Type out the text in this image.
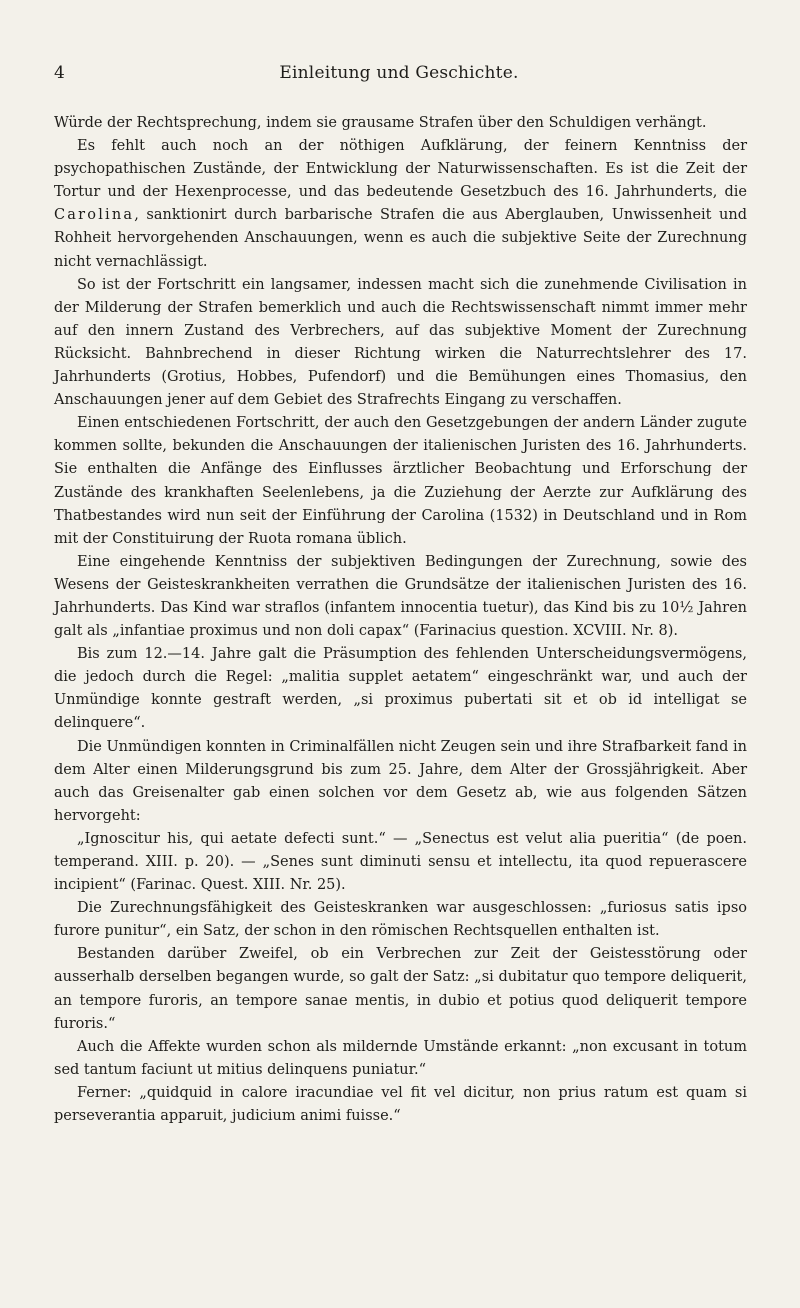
4	Einleitung und Geschichte.

Würde der Rechtsprechung, indem sie grausame Strafen über den Schuldigen verhängt.

Es fehlt auch noch an der nöthigen Aufklärung, der feinern Kenntniss der psychopathischen Zustände, der Entwicklung der Naturwissenschaften. Es ist die Zeit der Tortur und der Hexenprocesse, und das bedeutende Gesetzbuch des 16. Jahrhunderts, die Carolina, sanktionirt durch barbarische Strafen die aus Aberglauben, Unwissenheit und Rohheit hervorgehenden Anschauungen, wenn es auch die subjektive Seite der Zurechnung nicht vernachlässigt.

So ist der Fortschritt ein langsamer, indessen macht sich die zunehmende Civilisation in der Milderung der Strafen bemerklich und auch die Rechtswissenschaft nimmt immer mehr auf den innern Zustand des Verbrechers, auf das subjektive Moment der Zurechnung Rücksicht. Bahnbrechend in dieser Richtung wirken die Naturrechtslehrer des 17. Jahrhunderts (Grotius, Hobbes, Pufendorf) und die Bemühungen eines Thomasius, den Anschauungen jener auf dem Gebiet des Strafrechts Eingang zu verschaffen.

Einen entschiedenen Fortschritt, der auch den Gesetzgebungen der andern Länder zugute kommen sollte, bekunden die Anschauungen der italienischen Juristen des 16. Jahrhunderts. Sie enthalten die Anfänge des Einflusses ärztlicher Beobachtung und Erforschung der Zustände des krankhaften Seelenlebens, ja die Zuziehung der Aerzte zur Aufklärung des Thatbestandes wird nun seit der Einführung der Carolina (1532) in Deutschland und in Rom mit der Constituirung der Ruota romana üblich.

Eine eingehende Kenntniss der subjektiven Bedingungen der Zurechnung, sowie des Wesens der Geisteskrankheiten verrathen die Grundsätze der italienischen Juristen des 16. Jahrhunderts. Das Kind war straflos (infantem innocentia tuetur), das Kind bis zu 10½ Jahren galt als „infantiae proximus und non doli capax“ (Farinacius question. XCVIII. Nr. 8).

Bis zum 12.—14. Jahre galt die Präsumption des fehlenden Unterscheidungsvermögens, die jedoch durch die Regel: „malitia supplet aetatem“ eingeschränkt war, und auch der Unmündige konnte gestraft werden, „si proximus pubertati sit et ob id intelligat se delinquere“.

Die Unmündigen konnten in Criminalfällen nicht Zeugen sein und ihre Strafbarkeit fand in dem Alter einen Milderungsgrund bis zum 25. Jahre, dem Alter der Grossjährigkeit. Aber auch das Greisenalter gab einen solchen vor dem Gesetz ab, wie aus folgenden Sätzen hervorgeht:

„Ignoscitur his, qui aetate defecti sunt.“ — „Senectus est velut alia pueritia“ (de poen. temperand. XIII. p. 20). — „Senes sunt diminuti sensu et intellectu, ita quod repuerascere incipient“ (Farinac. Quest. XIII. Nr. 25).

Die Zurechnungsfähigkeit des Geisteskranken war ausgeschlossen: „furiosus satis ipso furore punitur“, ein Satz, der schon in den römischen Rechtsquellen enthalten ist.

Bestanden darüber Zweifel, ob ein Verbrechen zur Zeit der Geistesstörung oder ausserhalb derselben begangen wurde, so galt der Satz: „si dubitatur quo tempore deliquerit, an tempore furoris, an tempore sanae mentis, in dubio et potius quod deliquerit tempore furoris.“

Auch die Affekte wurden schon als mildernde Umstände erkannt: „non excusant in totum sed tantum faciunt ut mitius delinquens puniatur.“

Ferner: „quidquid in calore iracundiae vel fit vel dicitur, non prius ratum est quam si perseverantia apparuit, judicium animi fuisse.“
